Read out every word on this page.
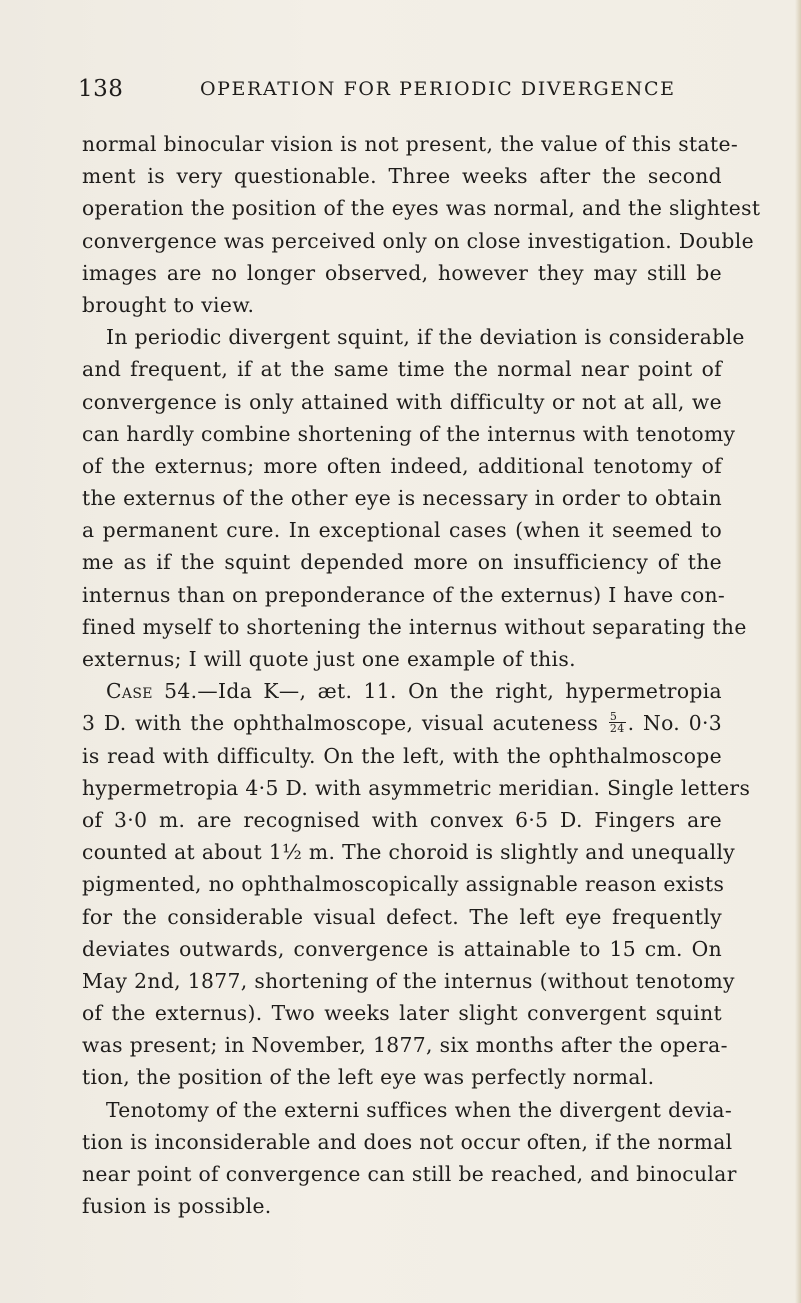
138	OPERATION FOR PERIODIC DIVERGENCE
normal binocular vision is not present, the value of this state-
ment is very questionable. Three weeks after the second
operation the position of the eyes was normal, and the slightest
convergence was perceived only on close investigation. Double
images are no longer observed, however they may still be
brought to view.
In periodic divergent squint, if the deviation is considerable
and frequent, if at the same time the normal near point of
convergence is only attained with difficulty or not at all, we
can hardly combine shortening of the internus with tenotomy
of the externus; more often indeed, additional tenotomy of
the externus of the other eye is necessary in order to obtain
a permanent cure. In exceptional cases (when it seemed to
me as if the squint depended more on insufficiency of the
internus than on preponderance of the externus) I have con-
fined myself to shortening the internus without separating the
externus; I will quote just one example of this.
Case 54.—Ida K—, æt. 11. On the right, hypermetropia
3 D. with the ophthalmoscope, visual acuteness $\frac{5}{24}$ . No. 0·3
is read with difficulty. On the left, with the ophthalmoscope
hypermetropia 4·5 D. with asymmetric meridian. Single letters
of 3·0 m. are recognised with convex 6·5 D. Fingers are
counted at about 1½ m. The choroid is slightly and unequally
pigmented, no ophthalmoscopically assignable reason exists
for the considerable visual defect. The left eye frequently
deviates outwards, convergence is attainable to 15 cm. On
May 2nd, 1877, shortening of the internus (without tenotomy
of the externus). Two weeks later slight convergent squint
was present; in November, 1877, six months after the opera-
tion, the position of the left eye was perfectly normal.
Tenotomy of the externi suffices when the divergent devia-
tion is inconsiderable and does not occur often, if the normal
near point of convergence can still be reached, and binocular
fusion is possible.
